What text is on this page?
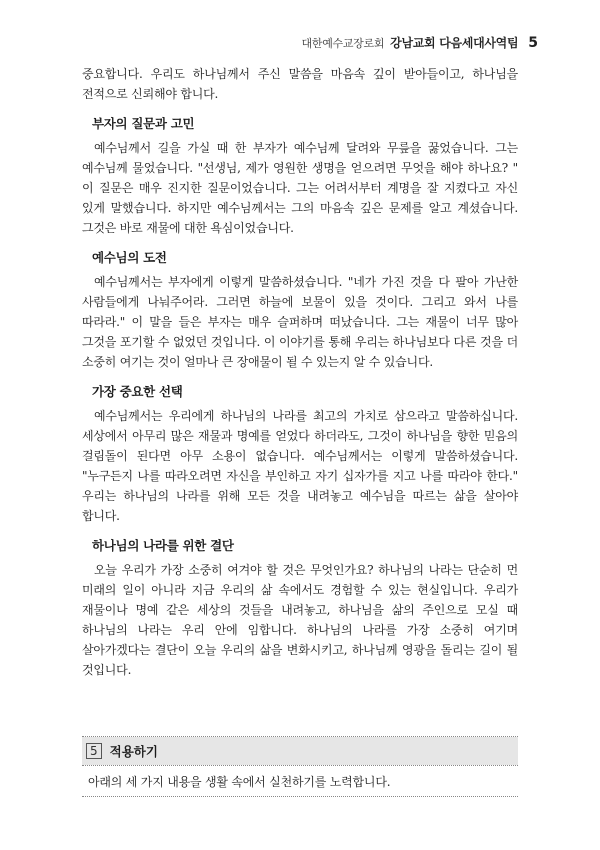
대한예수교장로회 강남교회 다음세대사역팀 5

중요합니다. 우리도 하나님께서 주신 말씀을 마음속 깊이 받아들이고, 하나님을 전적으로 신뢰해야 합니다.

부자의 질문과 고민

예수님께서 길을 가실 때 한 부자가 예수님께 달려와 무릎을 꿇었습니다. 그는 예수님께 물었습니다. "선생님, 제가 영원한 생명을 얻으려면 무엇을 해야 하나요? " 이 질문은 매우 진지한 질문이었습니다. 그는 어려서부터 계명을 잘 지켰다고 자신 있게 말했습니다. 하지만 예수님께서는 그의 마음속 깊은 문제를 알고 계셨습니다. 그것은 바로 재물에 대한 욕심이었습니다.

예수님의 도전

예수님께서는 부자에게 이렇게 말씀하셨습니다. "네가 가진 것을 다 팔아 가난한 사람들에게 나눠주어라. 그러면 하늘에 보물이 있을 것이다. 그리고 와서 나를 따라라." 이 말을 들은 부자는 매우 슬퍼하며 떠났습니다. 그는 재물이 너무 많아 그것을 포기할 수 없었던 것입니다. 이 이야기를 통해 우리는 하나님보다 다른 것을 더 소중히 여기는 것이 얼마나 큰 장애물이 될 수 있는지 알 수 있습니다.

가장 중요한 선택

예수님께서는 우리에게 하나님의 나라를 최고의 가치로 삼으라고 말씀하십니다. 세상에서 아무리 많은 재물과 명예를 얻었다 하더라도, 그것이 하나님을 향한 믿음의 걸림돌이 된다면 아무 소용이 없습니다. 예수님께서는 이렇게 말씀하셨습니다. "누구든지 나를 따라오려면 자신을 부인하고 자기 십자가를 지고 나를 따라야 한다." 우리는 하나님의 나라를 위해 모든 것을 내려놓고 예수님을 따르는 삶을 살아야 합니다.

하나님의 나라를 위한 결단

오늘 우리가 가장 소중히 여겨야 할 것은 무엇인가요? 하나님의 나라는 단순히 먼 미래의 일이 아니라 지금 우리의 삶 속에서도 경험할 수 있는 현실입니다. 우리가 재물이나 명예 같은 세상의 것들을 내려놓고, 하나님을 삶의 주인으로 모실 때 하나님의 나라는 우리 안에 임합니다. 하나님의 나라를 가장 소중히 여기며 살아가겠다는 결단이 오늘 우리의 삶을 변화시키고, 하나님께 영광을 돌리는 길이 될 것입니다.

5 적용하기
아래의 세 가지 내용을 생활 속에서 실천하기를 노력합니다.
